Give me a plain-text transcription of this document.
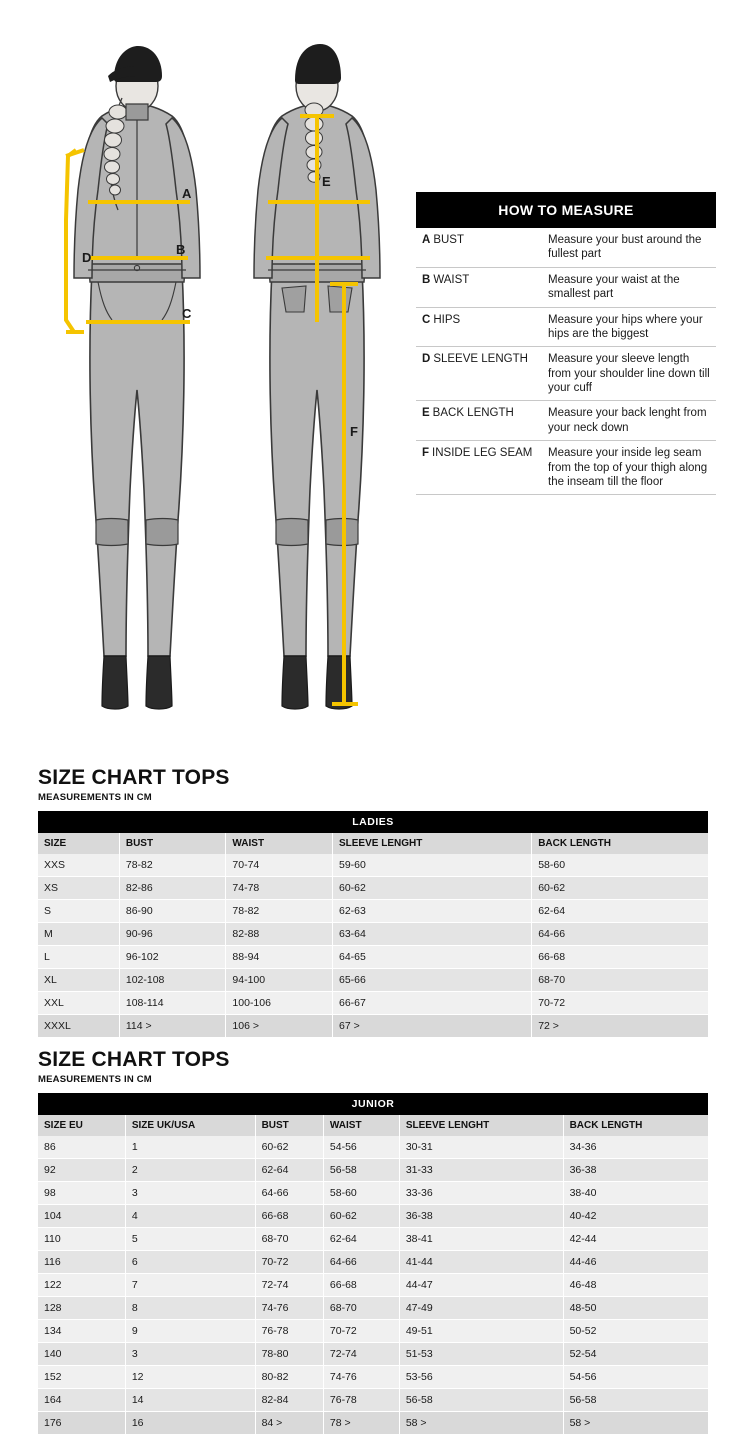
A
B
C
D
E
F
HOW TO MEASURE
A BUST	Measure your bust around the fullest part
B WAIST	Measure your waist at the smallest part
C HIPS	Measure your hips where your hips are the biggest
D SLEEVE LENGTH	Measure your sleeve length from your shoulder line down till your cuff
E BACK LENGTH	Measure your back lenght from your neck down
F INSIDE LEG SEAM	Measure your inside leg seam from the top of your thigh along the inseam till the floor
SIZE CHART TOPS
MEASUREMENTS IN CM
LADIES
SIZE	BUST	WAIST	SLEEVE LENGHT	BACK LENGTH
XXS	78-82	70-74	59-60	58-60
XS	82-86	74-78	60-62	60-62
S	86-90	78-82	62-63	62-64
M	90-96	82-88	63-64	64-66
L	96-102	88-94	64-65	66-68
XL	102-108	94-100	65-66	68-70
XXL	108-114	100-106	66-67	70-72
XXXL	114 >	106 >	67 >	72 >
SIZE CHART TOPS
MEASUREMENTS IN CM
JUNIOR
SIZE EU	SIZE UK/USA	BUST	WAIST	SLEEVE LENGHT	BACK LENGTH
86	1	60-62	54-56	30-31	34-36
92	2	62-64	56-58	31-33	36-38
98	3	64-66	58-60	33-36	38-40
104	4	66-68	60-62	36-38	40-42
110	5	68-70	62-64	38-41	42-44
116	6	70-72	64-66	41-44	44-46
122	7	72-74	66-68	44-47	46-48
128	8	74-76	68-70	47-49	48-50
134	9	76-78	70-72	49-51	50-52
140	3	78-80	72-74	51-53	52-54
152	12	80-82	74-76	53-56	54-56
164	14	82-84	76-78	56-58	56-58
176	16	84 >	78 >	58 >	58 >
